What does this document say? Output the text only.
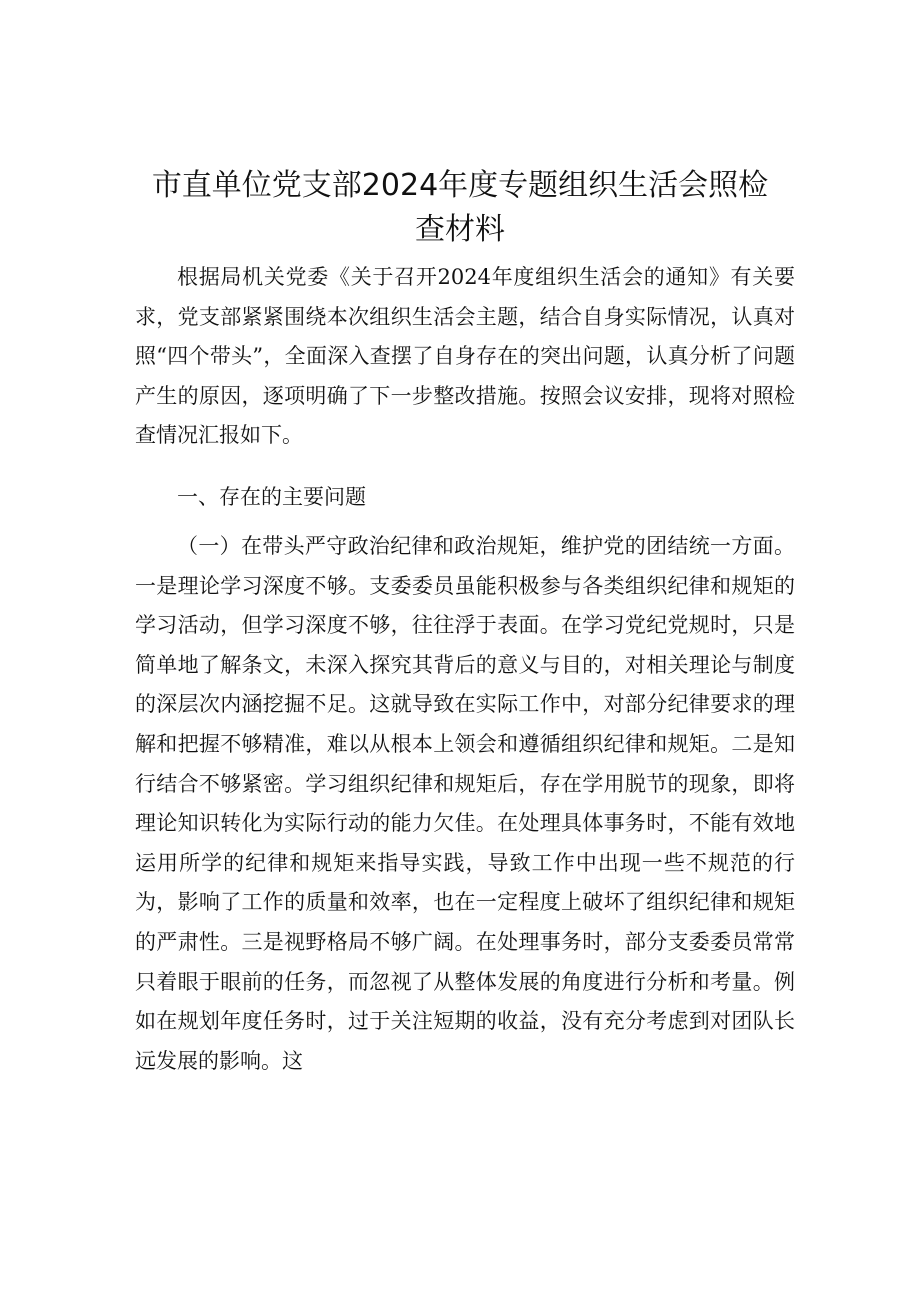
市直单位党支部2024年度专题组织生活会照检
查材料

根据局机关党委《关于召开2024年度组织生活会的通知》有关要求，党支部紧紧围绕本次组织生活会主题，结合自身实际情况，认真对照“四个带头”，全面深入查摆了自身存在的突出问题，认真分析了问题产生的原因，逐项明确了下一步整改措施。按照会议安排，现将对照检查情况汇报如下。

一、存在的主要问题

（一）在带头严守政治纪律和政治规矩，维护党的团结统一方面。一是理论学习深度不够。支委委员虽能积极参与各类组织纪律和规矩的学习活动，但学习深度不够，往往浮于表面。在学习党纪党规时，只是简单地了解条文，未深入探究其背后的意义与目的，对相关理论与制度的深层次内涵挖掘不足。这就导致在实际工作中，对部分纪律要求的理解和把握不够精准，难以从根本上领会和遵循组织纪律和规矩。二是知行结合不够紧密。学习组织纪律和规矩后，存在学用脱节的现象，即将理论知识转化为实际行动的能力欠佳。在处理具体事务时，不能有效地运用所学的纪律和规矩来指导实践，导致工作中出现一些不规范的行为，影响了工作的质量和效率，也在一定程度上破坏了组织纪律和规矩的严肃性。三是视野格局不够广阔。在处理事务时，部分支委委员常常只着眼于眼前的任务，而忽视了从整体发展的角度进行分析和考量。例如在规划年度任务时，过于关注短期的收益，没有充分考虑到对团队长远发展的影响。这
